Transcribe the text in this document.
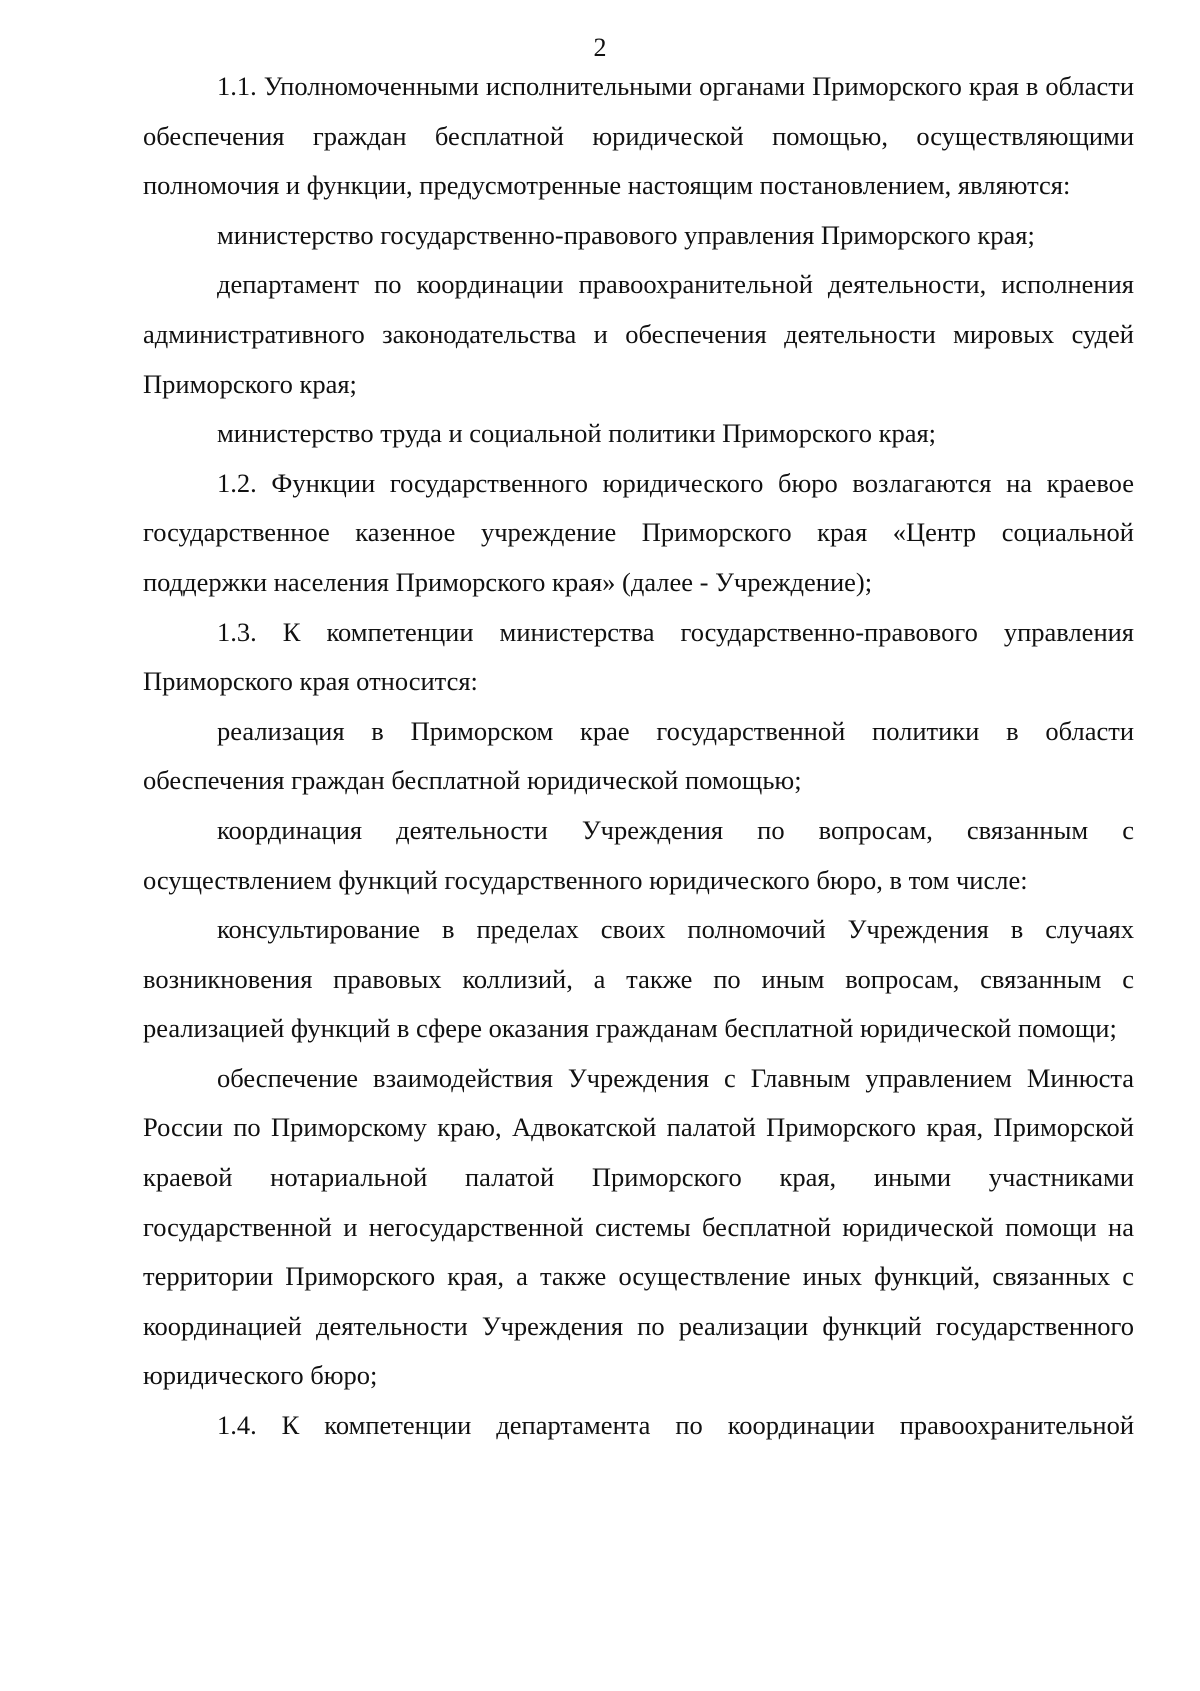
2

1.1. Уполномоченными исполнительными органами Приморского края в области обеспечения граждан бесплатной юридической помощью, осуществляющими полномочия и функции, предусмотренные настоящим постановлением, являются:

министерство государственно-правового управления Приморского края;

департамент по координации правоохранительной деятельности, исполнения административного законодательства и обеспечения деятельности мировых судей Приморского края;

министерство труда и социальной политики Приморского края;

1.2. Функции государственного юридического бюро возлагаются на краевое государственное казенное учреждение Приморского края «Центр социальной поддержки населения Приморского края» (далее - Учреждение);

1.3. К компетенции министерства государственно-правового управления Приморского края относится:

реализация в Приморском крае государственной политики в области обеспечения граждан бесплатной юридической помощью;

координация деятельности Учреждения по вопросам, связанным с осуществлением функций государственного юридического бюро, в том числе:

консультирование в пределах своих полномочий Учреждения в случаях возникновения правовых коллизий, а также по иным вопросам, связанным с реализацией функций в сфере оказания гражданам бесплатной юридической помощи;

обеспечение взаимодействия Учреждения с Главным управлением Минюста России по Приморскому краю, Адвокатской палатой Приморского края, Приморской краевой нотариальной палатой Приморского края, иными участниками государственной и негосударственной системы бесплатной юридической помощи на территории Приморского края, а также осуществление иных функций, связанных с координацией деятельности Учреждения по реализации функций государственного юридического бюро;

1.4. К компетенции департамента по координации правоохранительной
